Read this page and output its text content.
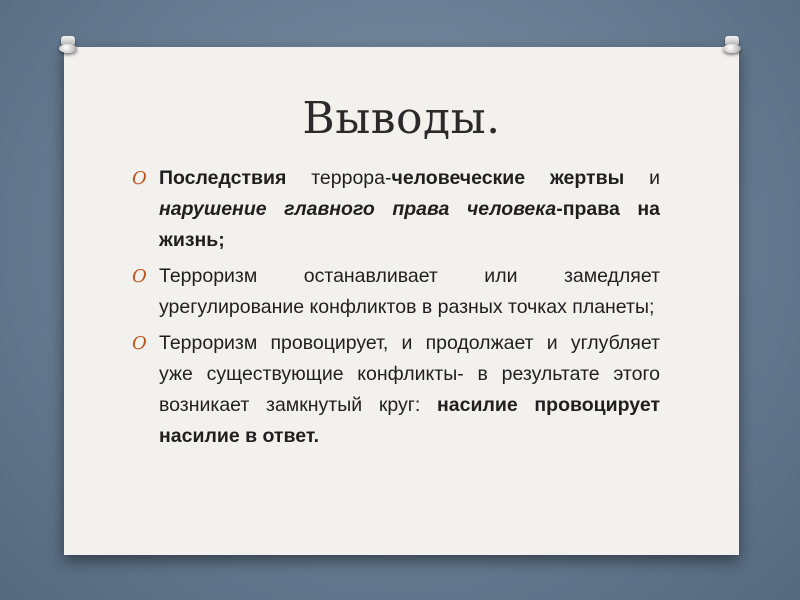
Выводы.
O Последствия террора-человеческие жертвы и нарушение главного права человека-права на жизнь;
O Терроризм останавливает или замедляет урегулирование конфликтов в разных точках планеты;
O Терроризм провоцирует, и продолжает и углубляет уже существующие конфликты- в результате этого возникает замкнутый круг: насилие провоцирует насилие в ответ.
